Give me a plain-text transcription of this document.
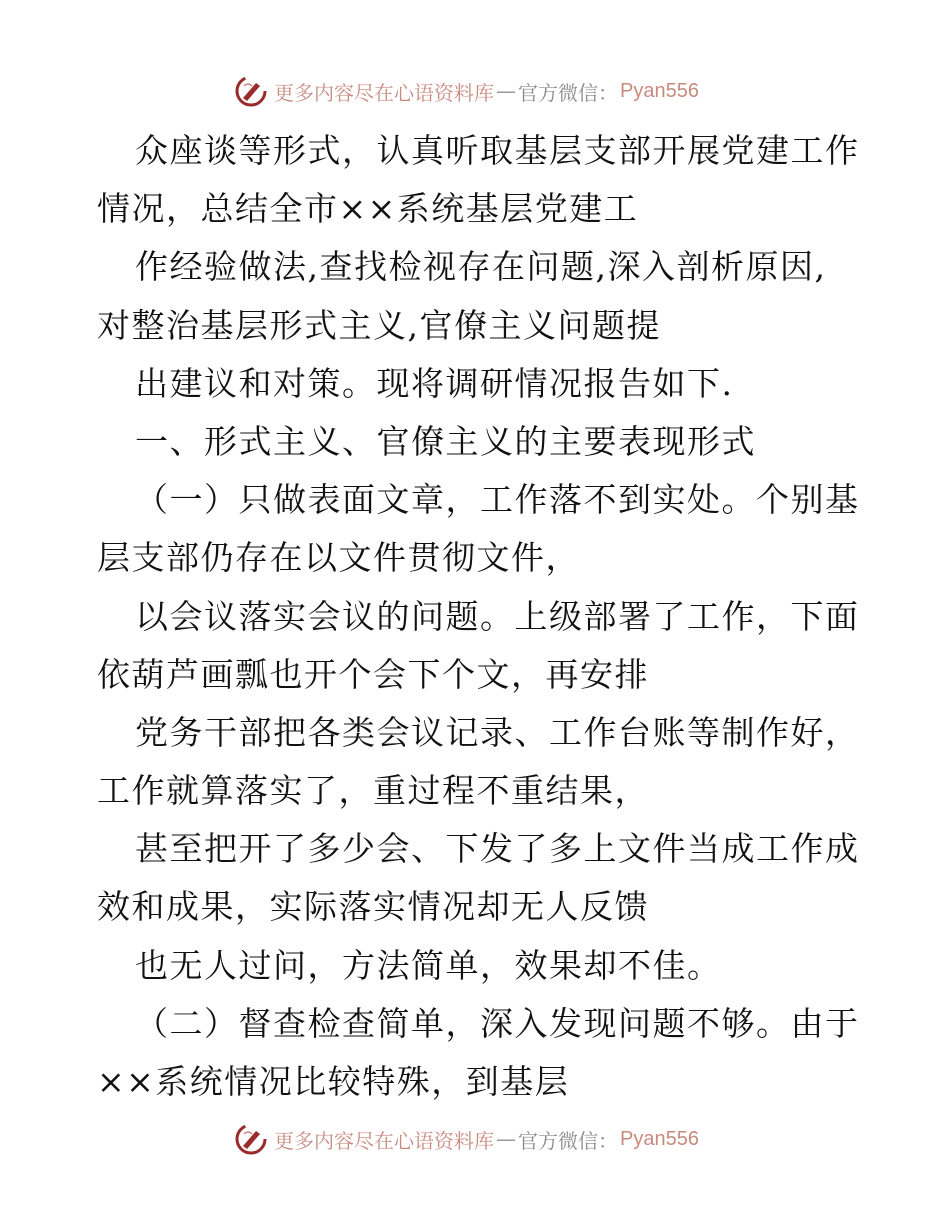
更多内容尽在心语资料库 — 官方微信： Pyan556
众座谈等形式，认真听取基层支部开展党建工作
情况，总结全市××系统基层党建工
作经验做法,查找检视存在问题,深入剖析原因,
对整治基层形式主义,官僚主义问题提
出建议和对策。现将调研情况报告如下.
一、形式主义、官僚主义的主要表现形式
（一）只做表面文章，工作落不到实处。个别基
层支部仍存在以文件贯彻文件，
以会议落实会议的问题。上级部署了工作，下面
依葫芦画瓢也开个会下个文，再安排
党务干部把各类会议记录、工作台账等制作好，
工作就算落实了，重过程不重结果，
甚至把开了多少会、下发了多上文件当成工作成
效和成果，实际落实情况却无人反馈
也无人过问，方法简单，效果却不佳。
（二）督查检查简单，深入发现问题不够。由于
××系统情况比较特殊，到基层
更多内容尽在心语资料库 — 官方微信： Pyan556
